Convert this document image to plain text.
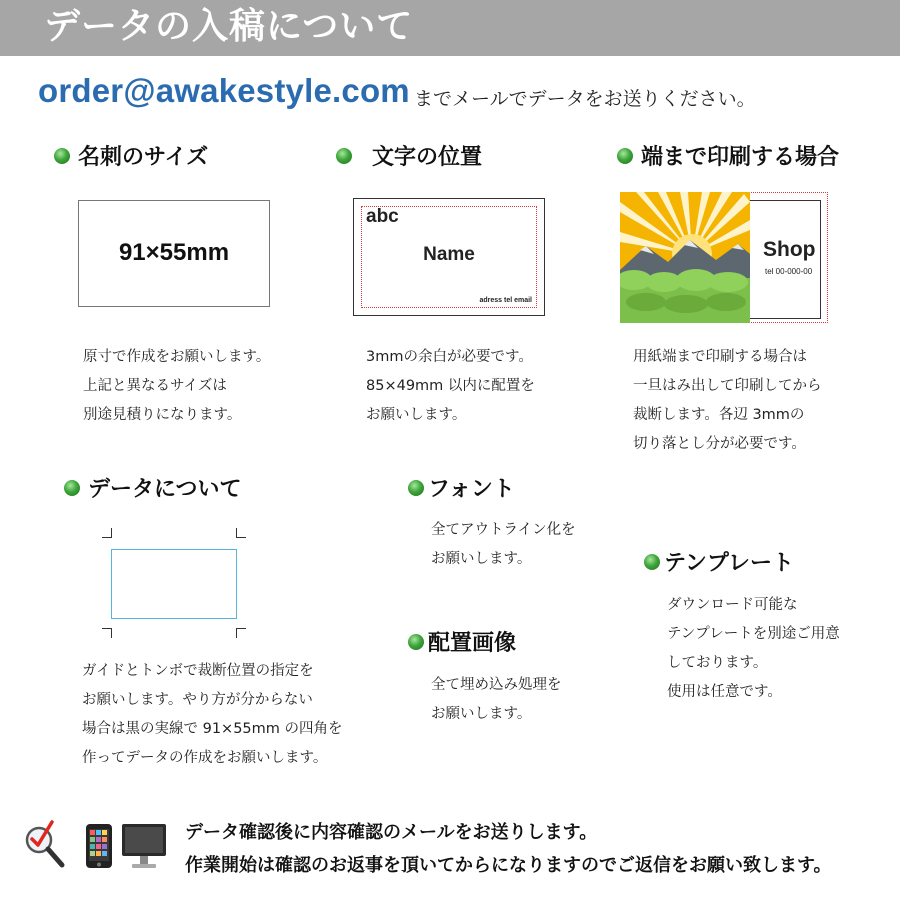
データの入稿について
order@awakestyle.com までメールでデータをお送りください。
名刺のサイズ
91×55mm
原寸で作成をお願いします。
上記と異なるサイズは
別途見積りになります。
文字の位置
abc
Name
adress tel email
3mmの余白が必要です。
85×49mm 以内に配置を
お願いします。
端まで印刷する場合
Shop
tel 00-000-00
用紙端まで印刷する場合は
一旦はみ出して印刷してから
裁断します。各辺 3mmの
切り落とし分が必要です。
データについて
ガイドとトンボで裁断位置の指定を
お願いします。やり方が分からない
場合は黒の実線で 91×55mm の四角を
作ってデータの作成をお願いします。
フォント
全てアウトライン化を
お願いします。
配置画像
全て埋め込み処理を
お願いします。
テンプレート
ダウンロード可能な
テンプレートを別途ご用意
しております。
使用は任意です。
データ確認後に内容確認のメールをお送りします。
作業開始は確認のお返事を頂いてからになりますのでご返信をお願い致します。
